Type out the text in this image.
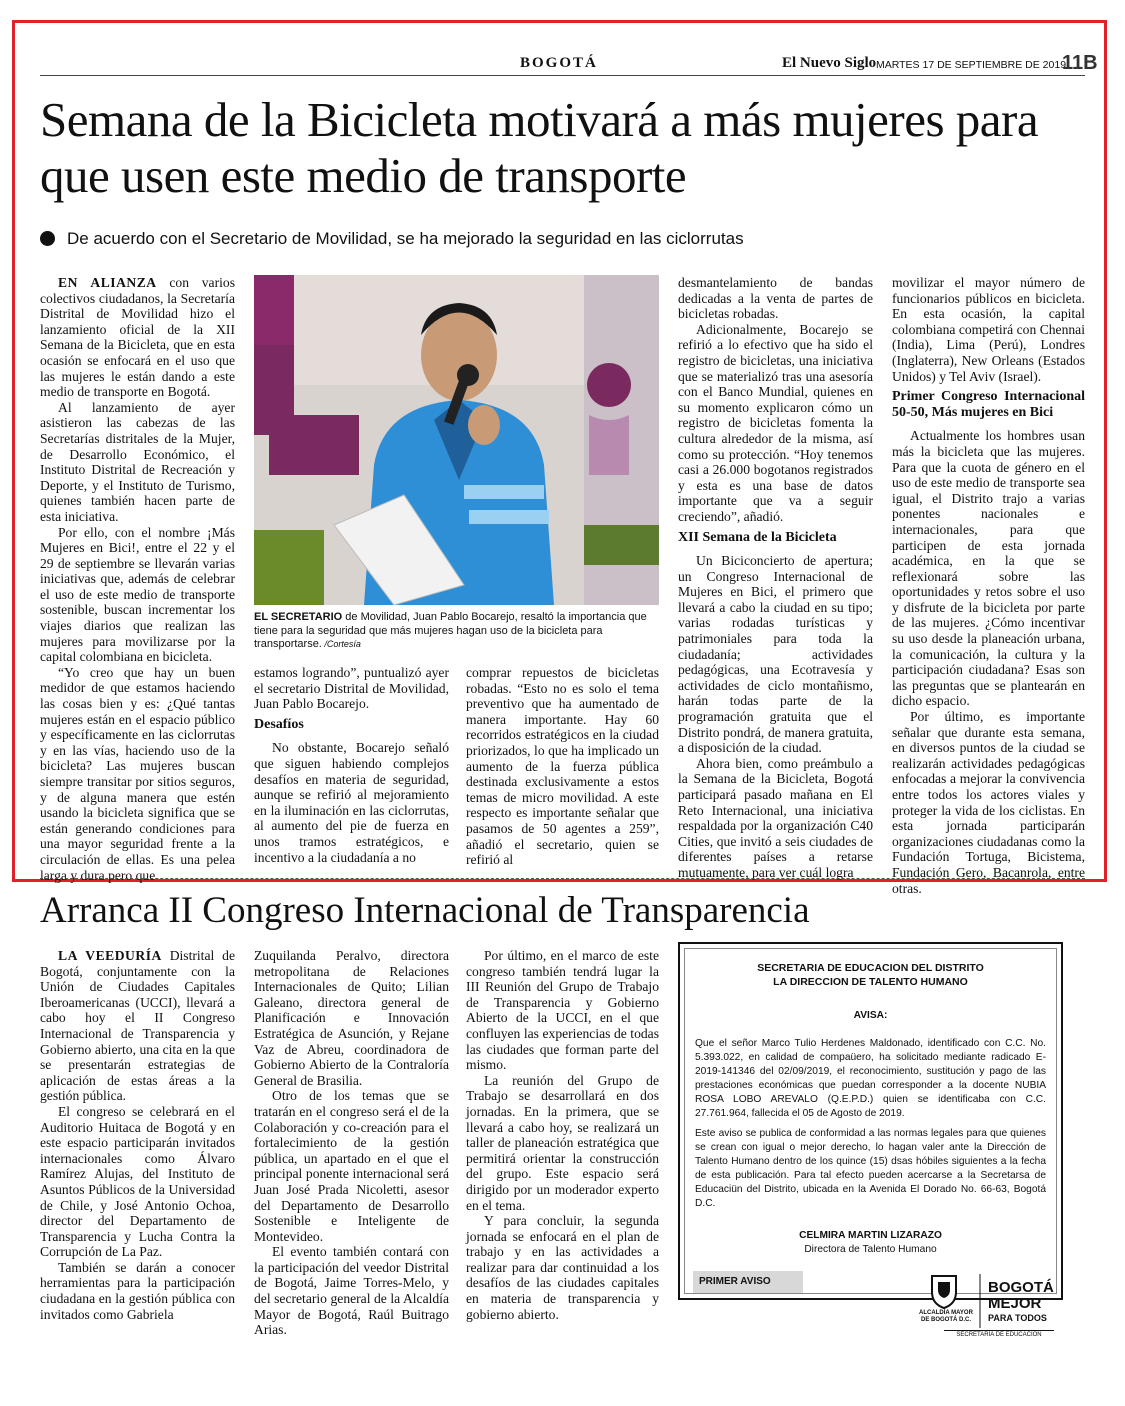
BOGOTÁ	El Nuevo Siglo MARTES 17 DE SEPTIEMBRE DE 2019
11B
Semana de la Bicicleta motivará a más mujeres para que usen este medio de transporte
De acuerdo con el Secretario de Movilidad, se ha mejorado la seguridad en las ciclorrutas

EN ALIANZA con varios colectivos ciudadanos, la Secretaría Distrital de Movilidad hizo el lanzamiento oficial de la XII Semana de la Bicicleta, que en esta ocasión se enfocará en el uso que las mujeres le están dando a este medio de transporte en Bogotá.

Al lanzamiento de ayer asistieron las cabezas de las Secretarías distritales de la Mujer, de Desarrollo Económico, el Instituto Distrital de Recreación y Deporte, y el Instituto de Turismo, quienes también hacen parte de esta iniciativa.

Por ello, con el nombre ¡Más Mujeres en Bici!, entre el 22 y el 29 de septiembre se llevarán varias iniciativas que, además de celebrar el uso de este medio de transporte sostenible, buscan incrementar los viajes diarios que realizan las mujeres para movilizarse por la capital colombiana en bicicleta.

“Yo creo que hay un buen medidor de que estamos haciendo las cosas bien y es: ¿Qué tantas mujeres están en el espacio público y específicamente en las ciclorrutas y en las vías, haciendo uso de la bicicleta? Las mujeres buscan siempre transitar por sitios seguros, y de alguna manera que estén usando la bicicleta significa que se están generando condiciones para una mayor seguridad frente a la circulación de ellas. Es una pelea larga y dura pero que

EL SECRETARIO de Movilidad, Juan Pablo Bocarejo, resaltó la importancia que tiene para la seguridad que más mujeres hagan uso de la bicicleta para transportarse. /Cortesía

estamos logrando”, puntualizó ayer el secretario Distrital de Movilidad, Juan Pablo Bocarejo.

Desafíos

No obstante, Bocarejo señaló que siguen habiendo complejos desafíos en materia de seguridad, aunque se refirió al mejoramiento en la iluminación en las ciclorrutas, al aumento del pie de fuerza en unos tramos estratégicos, e incentivo a la ciudadanía a no

comprar repuestos de bicicletas robadas. “Esto no es solo el tema preventivo que ha aumentado de manera importante. Hay 60 recorridos estratégicos en la ciudad priorizados, lo que ha implicado un aumento de la fuerza pública destinada exclusivamente a estos temas de micro movilidad. A este respecto es importante señalar que pasamos de 50 agentes a 259”, añadió el secretario, quien se refirió al

desmantelamiento de bandas dedicadas a la venta de partes de bicicletas robadas.

Adicionalmente, Bocarejo se refirió a lo efectivo que ha sido el registro de bicicletas, una iniciativa que se materializó tras una asesoría con el Banco Mundial, quienes en su momento explicaron cómo un registro de bicicletas fomenta la cultura alrededor de la misma, así como su protección. “Hoy tenemos casi a 26.000 bogotanos registrados y esta es una base de datos importante que va a seguir creciendo”, añadió.

XII Semana de la Bicicleta

Un Biciconcierto de apertura; un Congreso Internacional de Mujeres en Bici, el primero que llevará a cabo la ciudad en su tipo; varias rodadas turísticas y patrimoniales para toda la ciudadanía; actividades pedagógicas, una Ecotravesía y actividades de ciclo montañismo, harán todas parte de la programación gratuita que el Distrito pondrá, de manera gratuita, a disposición de la ciudad.

Ahora bien, como preámbulo a la Semana de la Bicicleta, Bogotá participará pasado mañana en El Reto Internacional, una iniciativa respaldada por la organización C40 Cities, que invitó a seis ciudades de diferentes países a retarse mutuamente, para ver cuál logra

movilizar el mayor número de funcionarios públicos en bicicleta. En esta ocasión, la capital colombiana competirá con Chennai (India), Lima (Perú), Londres (Inglaterra), New Orleans (Estados Unidos) y Tel Aviv (Israel).

Primer Congreso Internacional 50-50, Más mujeres en Bici

Actualmente los hombres usan más la bicicleta que las mujeres. Para que la cuota de género en el uso de este medio de transporte sea igual, el Distrito trajo a varias ponentes nacionales e internacionales, para que participen de esta jornada académica, en la que se reflexionará sobre las oportunidades y retos sobre el uso y disfrute de la bicicleta por parte de las mujeres. ¿Cómo incentivar su uso desde la planeación urbana, la comunicación, la cultura y la participación ciudadana? Esas son las preguntas que se plantearán en dicho espacio.

Por último, es importante señalar que durante esta semana, en diversos puntos de la ciudad se realizarán actividades pedagógicas enfocadas a mejorar la convivencia entre todos los actores viales y proteger la vida de los ciclistas. En esta jornada participarán organizaciones ciudadanas como la Fundación Tortuga, Bicistema, Fundación Gero, Bacanrola, entre otras.

Arranca II Congreso Internacional de Transparencia

LA VEEDURÍA Distrital de Bogotá, conjuntamente con la Unión de Ciudades Capitales Iberoamericanas (UCCI), llevará a cabo hoy el II Congreso Internacional de Transparencia y Gobierno abierto, una cita en la que se presentarán estrategias de aplicación de estas áreas a la gestión pública.

El congreso se celebrará en el Auditorio Huitaca de Bogotá y en este espacio participarán invitados internacionales como Álvaro Ramírez Alujas, del Instituto de Asuntos Públicos de la Universidad de Chile, y José Antonio Ochoa, director del Departamento de Transparencia y Lucha Contra la Corrupción de La Paz.

También se darán a conocer herramientas para la participación ciudadana en la gestión pública con invitados como Gabriela

Zuquilanda Peralvo, directora metropolitana de Relaciones Internacionales de Quito; Lilian Galeano, directora general de Planificación e Innovación Estratégica de Asunción, y Rejane Vaz de Abreu, coordinadora de Gobierno Abierto de la Contraloría General de Brasilia.

Otro de los temas que se tratarán en el congreso será el de la Colaboración y co-creación para el fortalecimiento de la gestión pública, un apartado en el que el principal ponente internacional será Juan José Prada Nicoletti, asesor del Departamento de Desarrollo Sostenible e Inteligente de Montevideo.

El evento también contará con la participación del veedor Distrital de Bogotá, Jaime Torres-Melo, y del secretario general de la Alcaldía Mayor de Bogotá, Raúl Buitrago Arias.

Por último, en el marco de este congreso también tendrá lugar la III Reunión del Grupo de Trabajo de Transparencia y Gobierno Abierto de la UCCI, en el que confluyen las experiencias de todas las ciudades que forman parte del mismo.

La reunión del Grupo de Trabajo se desarrollará en dos jornadas. En la primera, que se llevará a cabo hoy, se realizará un taller de planeación estratégica que permitirá orientar la construcción del grupo. Este espacio será dirigido por un moderador experto en el tema.

Y para concluir, la segunda jornada se enfocará en el plan de trabajo y en las actividades a realizar para dar continuidad a los desafíos de las ciudades capitales en materia de transparencia y gobierno abierto.

SECRETARIA DE EDUCACION DEL DISTRITO
LA DIRECCION DE TALENTO HUMANO
AVISA:
Que el señor Marco Tulio Herdenes Maldonado, identificado con C.C. No. 5.393.022, en calidad de compaüero, ha solicitado mediante radicado E-2019-141346 del 02/09/2019, el reconocimiento, sustitución y pago de las prestaciones económicas que puedan corresponder a la docente NUBIA ROSA LOBO AREVALO (Q.E.P.D.) quien se identificaba con C.C. 27.761.964, fallecida el 05 de Agosto de 2019.
Este aviso se publica de conformidad a las normas legales para que quienes se crean con igual o mejor derecho, lo hagan valer ante la Dirección de Talento Humano dentro de los quince (15) dsas hóbiles siguientes a la fecha de esta publicación. Para tal efecto pueden acercarse a la Secretarsa de Educaciün del Distrito, ubicada en la Avenida El Dorado No. 66-63, Bogotá D.C.
CELMIRA MARTIN LIZARAZO
Directora de Talento Humano
PRIMER AVISO
ALCALDÍA MAYOR
DE BOGOTÁ D.C.
BOGOTÁ
MEJOR
PARA TODOS
SECRETARÍA DE EDUCACIÓN
